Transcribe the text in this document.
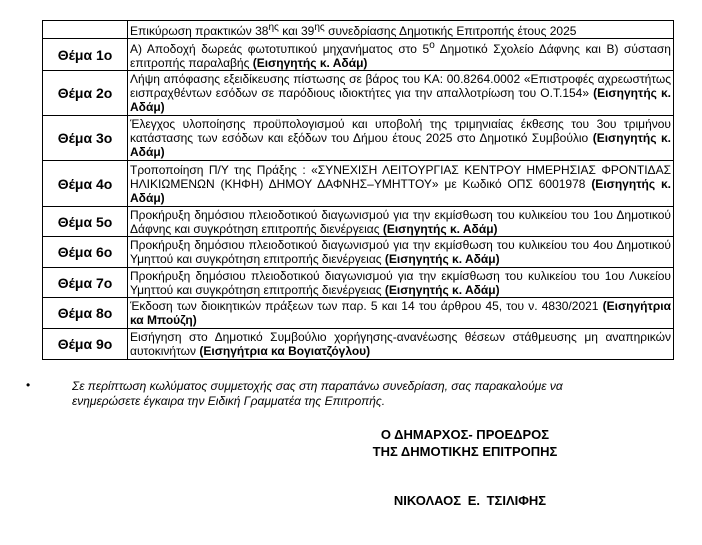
	Επικύρωση πρακτικών $38^{\eta\varsigma}$ και $39^{\eta\varsigma}$ συνεδρίασης Δημοτικής Επιτροπής έτους 2025
Θέμα 1ο	Α) Αποδοχή δωρεάς φωτοτυπικού μηχανήματος στο $5^o$ Δημοτικό Σχολείο Δάφνης και Β) σύσταση επιτροπής παραλαβής (Εισηγητής κ. Αδάμ)
Θέμα 2ο	Λήψη απόφασης εξειδίκευσης πίστωσης σε βάρος του ΚΑ: 00.8264.0002 «Επιστροφές αχρεωστήτως εισπραχθέντων εσόδων σε παρόδιους ιδιοκτήτες για την απαλλοτρίωση του Ο.Τ.154» (Εισηγητής κ. Αδάμ)
Θέμα 3ο	Έλεγχος υλοποίησης προϋπολογισμού και υποβολή της τριμηνιαίας έκθεσης του 3ου τριμήνου κατάστασης των εσόδων και εξόδων του Δήμου έτους 2025 στο Δημοτικό Συμβούλιο (Εισηγητής κ. Αδάμ)
Θέμα 4ο	Τροποποίηση Π/Υ της Πράξης : «ΣΥΝΕΧΙΣΗ ΛΕΙΤΟΥΡΓΙΑΣ ΚΕΝΤΡΟΥ ΗΜΕΡΗΣΙΑΣ ΦΡΟΝΤΙΔΑΣ ΗΛΙΚΙΩΜΕΝΩΝ (ΚΗΦΗ) ΔΗΜΟΥ ΔΑΦΝΗΣ–ΥΜΗΤΤΟΥ» με Κωδικό ΟΠΣ 6001978 (Εισηγητής κ. Αδάμ)
Θέμα 5ο	Προκήρυξη δημόσιου πλειοδοτικού διαγωνισμού για την εκμίσθωση του κυλικείου του 1ου Δημοτικού Δάφνης και συγκρότηση επιτροπής διενέργειας (Εισηγητής κ. Αδάμ)
Θέμα 6ο	Προκήρυξη δημόσιου πλειοδοτικού διαγωνισμού για την εκμίσθωση του κυλικείου του 4ου Δημοτικού Υμηττού και συγκρότηση επιτροπής διενέργειας (Εισηγητής κ. Αδάμ)
Θέμα 7ο	Προκήρυξη δημόσιου πλειοδοτικού διαγωνισμού για την εκμίσθωση του κυλικείου του 1ου Λυκείου Υμηττού και συγκρότηση επιτροπής διενέργειας (Εισηγητής κ. Αδάμ)
Θέμα 8ο	Έκδοση των διοικητικών πράξεων των παρ. 5 και 14 του άρθρου 45, του ν. 4830/2021 (Εισηγήτρια κα Μπούζη)
Θέμα 9ο	Εισήγηση στο Δημοτικό Συμβούλιο χορήγησης-ανανέωσης θέσεων στάθμευσης μη αναπηρικών αυτοκινήτων (Εισηγήτρια κα Βογιατζόγλου)
•	Σε περίπτωση κωλύματος συμμετοχής σας στη παραπάνω συνεδρίαση, σας παρακαλούμε να ενημερώσετε έγκαιρα την Ειδική Γραμματέα της Επιτροπής.
Ο ΔΗΜΑΡΧΟΣ- ΠΡΟΕΔΡΟΣ
ΤΗΣ ΔΗΜΟΤΙΚΗΣ ΕΠΙΤΡΟΠΗΣ
ΝΙΚΟΛΑΟΣ Ε. ΤΣΙΛΙΦΗΣ
